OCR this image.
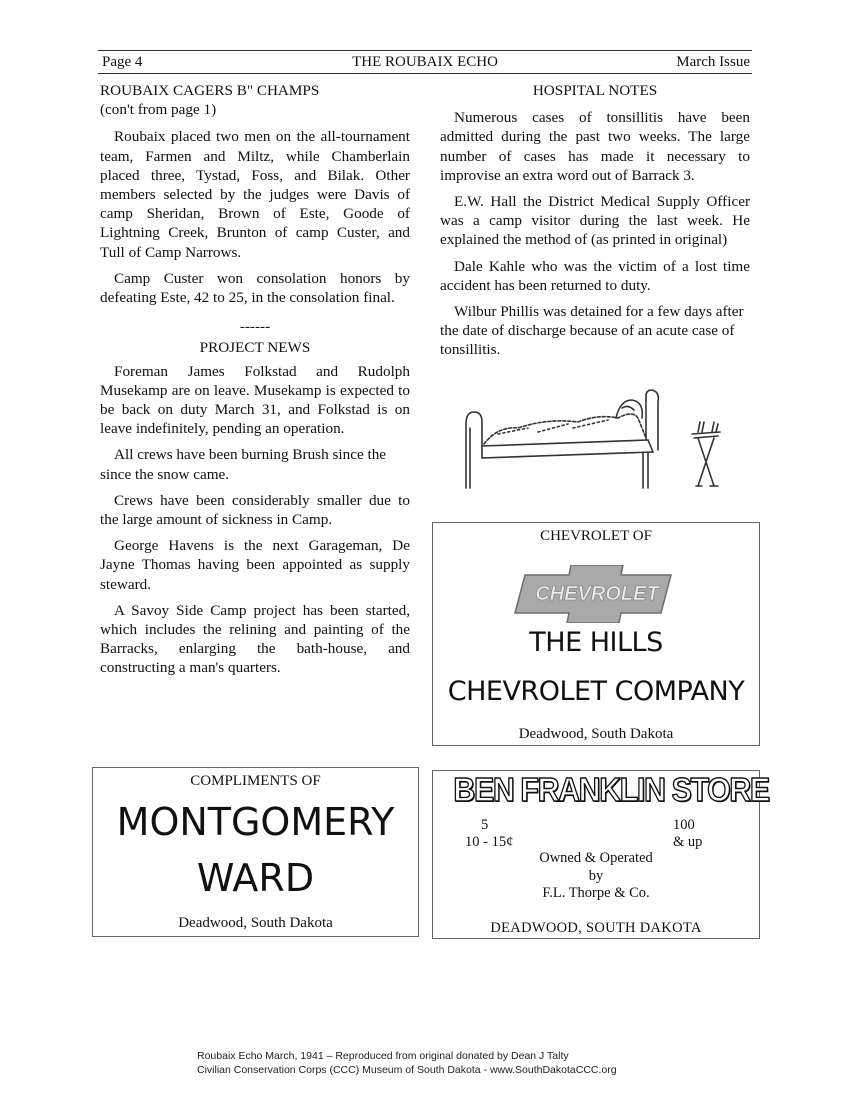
Page 4	THE ROUBAIX ECHO	March Issue
ROUBAIX CAGERS B" CHAMPS
(con't from page 1)

Roubaix placed two men on the all-tournament team, Farmen and Miltz, while Chamberlain placed three, Tystad, Foss, and Bilak. Other members selected by the judges were Davis of camp Sheridan, Brown of Este, Goode of Lightning Creek, Brunton of camp Custer, and Tull of Camp Narrows.

Camp Custer won consolation honors by defeating Este, 42 to 25, in the consolation final.

------
PROJECT NEWS

Foreman James Folkstad and Rudolph Musekamp are on leave. Musekamp is expected to be back on duty March 31, and Folkstad is on leave indefinitely, pending an operation.

All crews have been burning Brush since the since the snow came.

Crews have been considerably smaller due to the large amount of sickness in Camp.

George Havens is the next Garageman, De Jayne Thomas having been appointed as supply steward.

A Savoy Side Camp project has been started, which includes the relining and painting of the Barracks, enlarging the bath-house, and constructing a man's quarters.

HOSPITAL NOTES

Numerous cases of tonsillitis have been admitted during the past two weeks. The large number of cases has made it necessary to improvise an extra word out of Barrack 3.

E.W. Hall the District Medical Supply Officer was a camp visitor during the last week. He explained the method of (as printed in original)

Dale Kahle who was the victim of a lost time accident has been returned to duty.

Wilbur Phillis was detained for a few days after the date of discharge because of an acute case of tonsillitis.

CHEVROLET OF
CHEVROLET
THE HILLS
CHEVROLET COMPANY
Deadwood, South Dakota
COMPLIMENTS OF
MONTGOMERY
WARD
Deadwood, South Dakota
BEN FRANKLIN STORE
5	100
10 - 15¢	& up
Owned & Operated
by
F.L. Thorpe & Co.
DEADWOOD, SOUTH DAKOTA
Roubaix Echo March, 1941 – Reproduced from original donated by Dean J Talty
Civilian Conservation Corps (CCC) Museum of South Dakota - www.SouthDakotaCCC.org
